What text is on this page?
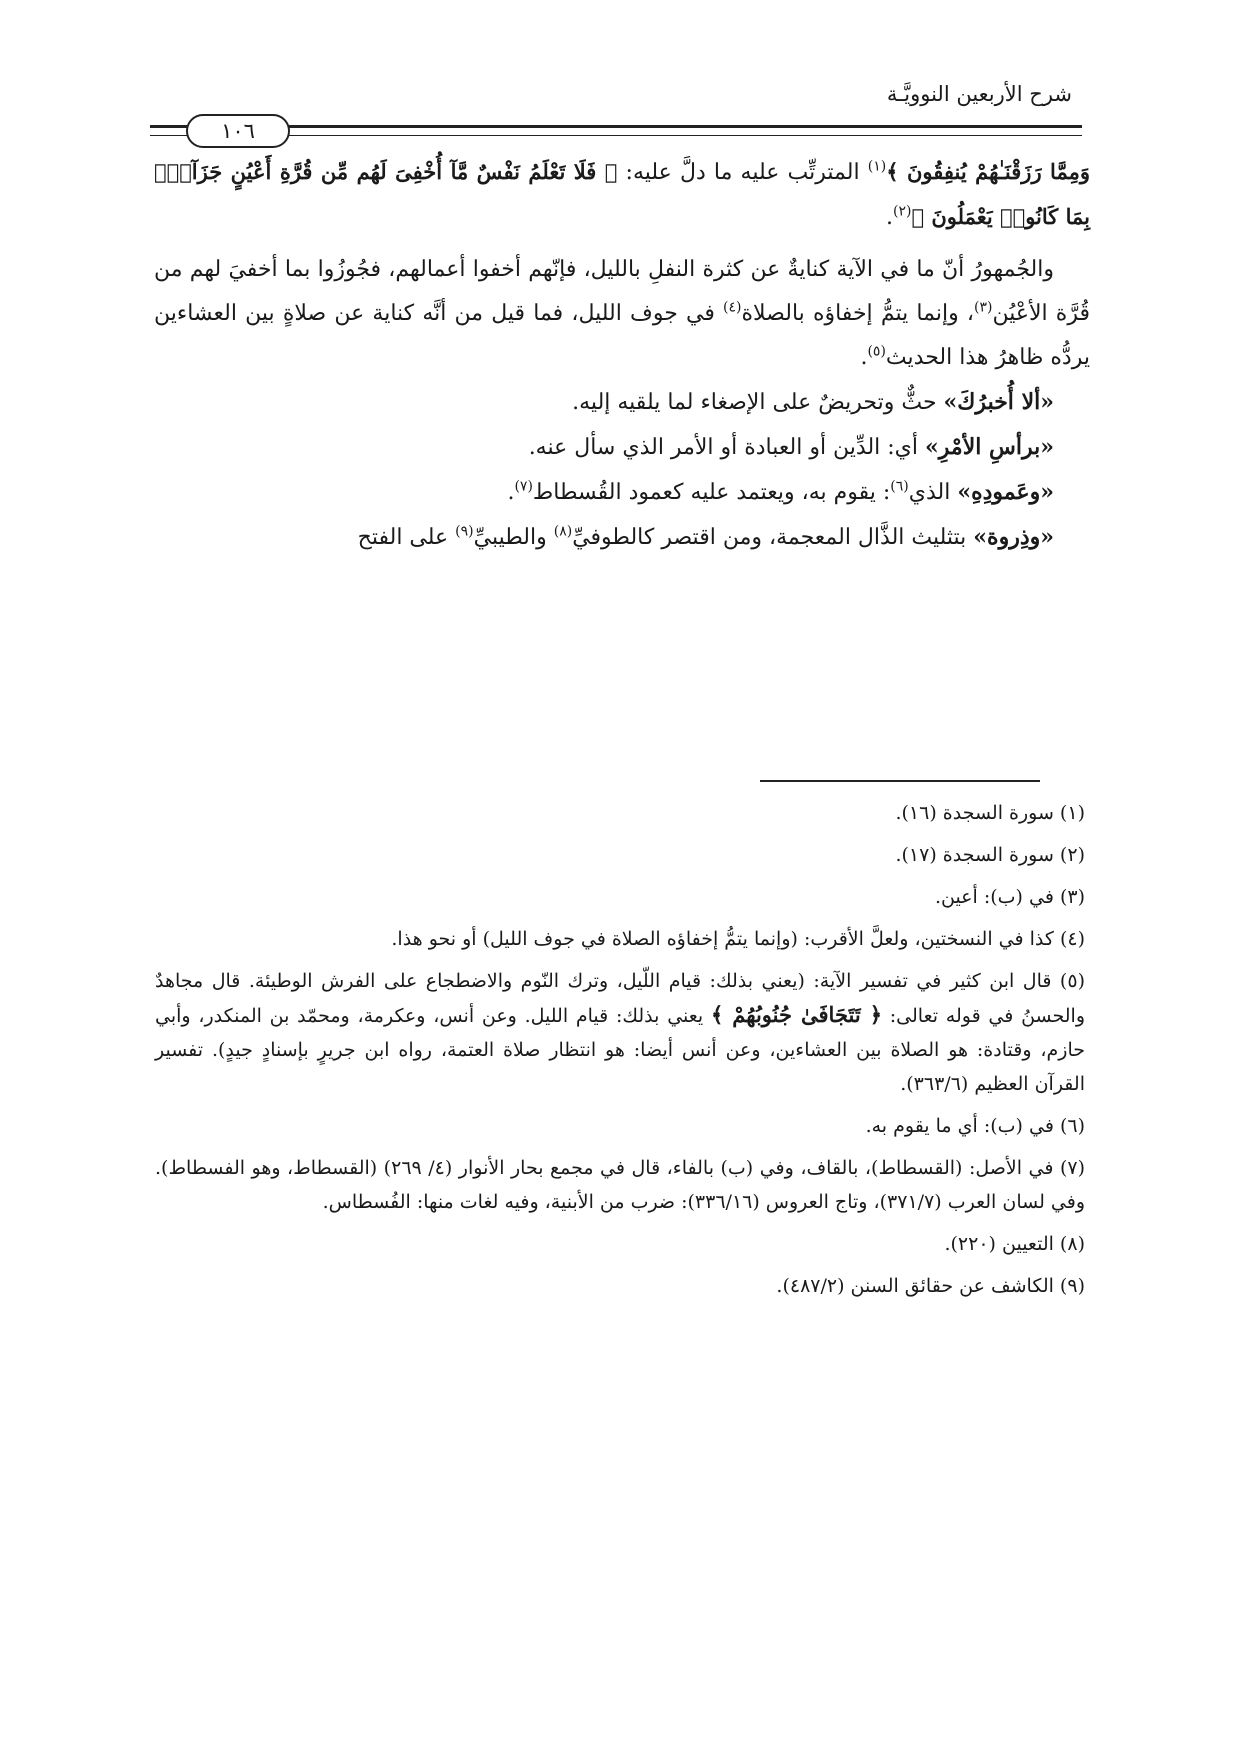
شرح الأربعين النوويَّـة
١٠٦

وَمِمَّا رَزَقْنَـٰهُمْ يُنفِقُونَ ﴾$^{(١)}$ المترتِّب عليه ما دلَّ عليه: ﴿ فَلَا تَعْلَمُ نَفْسٌ مَّآ أُخْفِىَ لَهُم مِّن قُرَّةِ أَعْيُنٍ جَزَآءًۢ بِمَا كَانُوا۟ يَعْمَلُونَ ﴾$^{(٢)}$.

والجُمهورُ أنّ ما في الآية كنايةٌ عن كثرة النفلِ بالليل، فإنّهم أخفوا أعمالهم، فجُوزُوا بما أخفيَ لهم من قُرَّة الأعْيُن$^{(٣)}$، وإنما يتمُّ إخفاؤه بالصلاة$^{(٤)}$ في جوف الليل، فما قيل من أنَّه كناية عن صلاةٍ بين العشاءين يردُّه ظاهرُ هذا الحديث$^{(٥)}$.

«ألا أُخبرُكَ» حثٌّ وتحريضٌ على الإصغاء لما يلقيه إليه.

«برأسِ الأمْرِ» أي: الدِّين أو العبادة أو الأمر الذي سأل عنه.

«وعَمودِهِ» الذي$^{(٦)}$: يقوم به، ويعتمد عليه كعمود القُسطاط$^{(٧)}$.

«وذِروة» بتثليث الذَّال المعجمة، ومن اقتصر كالطوفيِّ$^{(٨)}$ والطيبيِّ$^{(٩)}$ على الفتح

(١) سورة السجدة (١٦).

(٢) سورة السجدة (١٧).

(٣) في (ب): أعين.

(٤) كذا في النسختين، ولعلَّ الأقرب: (وإنما يتمُّ إخفاؤه الصلاة في جوف الليل) أو نحو هذا.

(٥) قال ابن كثير في تفسير الآية: (يعني بذلك: قيام اللّيل، وترك النّوم والاضطجاع على الفرش الوطيئة. قال مجاهدٌ والحسنُ في قوله تعالى: ﴿ تَتَجَافَىٰ جُنُوبُهُمْ ﴾ يعني بذلك: قيام الليل. وعن أنس، وعكرمة، ومحمّد بن المنكدر، وأبي حازم، وقتادة: هو الصلاة بين العشاءين، وعن أنس أيضا: هو انتظار صلاة العتمة، رواه ابن جريرٍ بإسنادٍ جيدٍ). تفسير القرآن العظيم (٣٦٣/٦).

(٦) في (ب): أي ما يقوم به.

(٧) في الأصل: (القسطاط)، بالقاف، وفي (ب) بالفاء، قال في مجمع بحار الأنوار (٤/ ٢٦٩) (القسطاط، وهو الفسطاط). وفي لسان العرب (٣٧١/٧)، وتاج العروس (٣٣٦/١٦): ضرب من الأبنية، وفيه لغات منها: الفُسطاس.

(٨) التعيين (٢٢٠).

(٩) الكاشف عن حقائق السنن (٤٨٧/٢).
